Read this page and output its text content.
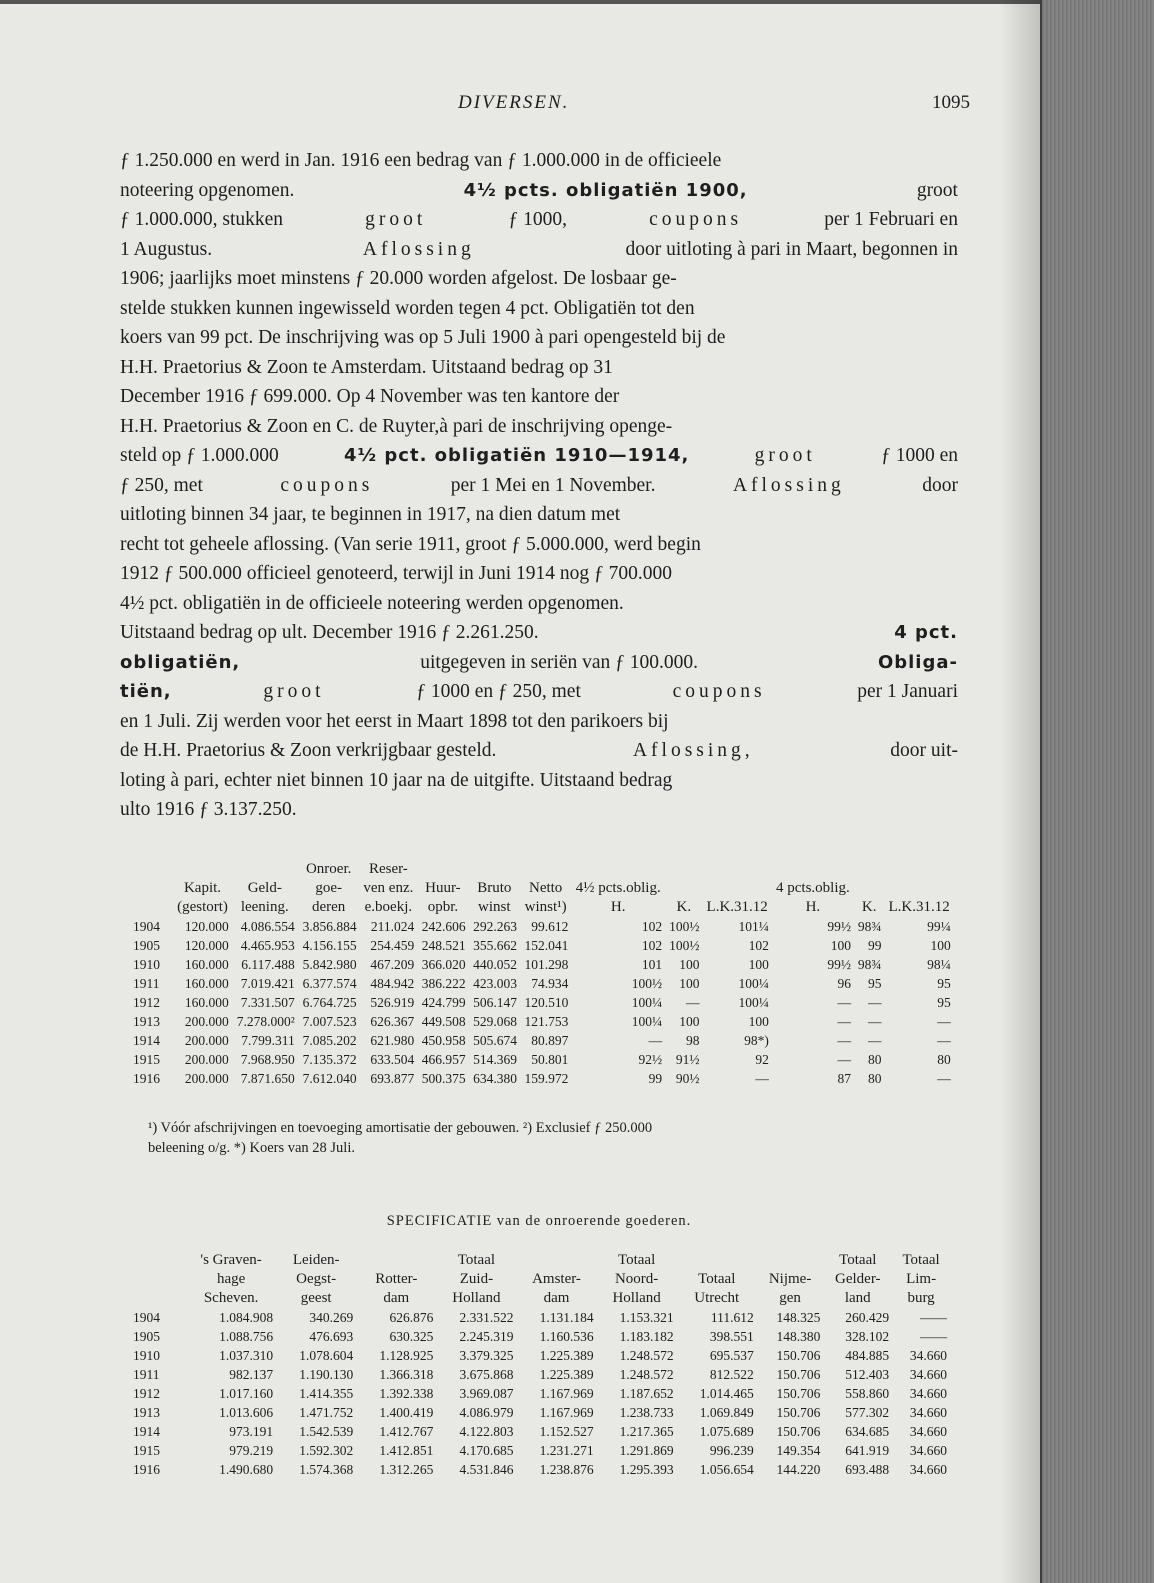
DIVERSEN.	1095
ƒ 1.250.000 en werd in Jan. 1916 een bedrag van ƒ 1.000.000 in de officieele
noteering opgenomen.	4½ pcts. obligatiën 1900,	groot
ƒ 1.000.000, stukken	groot	ƒ 1000,	coupons	per 1 Februari en
1 Augustus.	Aflossing	door uitloting à pari in Maart, begonnen in
1906; jaarlijks moet minstens ƒ 20.000 worden afgelost. De losbaar ge-
stelde stukken kunnen ingewisseld worden tegen 4 pct. Obligatiën tot den
koers van 99 pct. De inschrijving was op 5 Juli 1900 à pari opengesteld bij de
H.H. Praetorius & Zoon te Amsterdam. Uitstaand bedrag op 31
December 1916 ƒ 699.000. Op 4 November was ten kantore der
H.H. Praetorius & Zoon en C. de Ruyter,à pari de inschrijving openge-
steld op ƒ 1.000.000	4½ pct. obligatiën 1910—1914,	groot	ƒ 1000 en
ƒ 250, met	coupons	per 1 Mei en 1 November.	Aflossing	door
uitloting binnen 34 jaar, te beginnen in 1917, na dien datum met
recht tot geheele aflossing. (Van serie 1911, groot ƒ 5.000.000, werd begin
1912 ƒ 500.000 officieel genoteerd, terwijl in Juni 1914 nog ƒ 700.000
4½ pct. obligatiën in de officieele noteering werden opgenomen.
Uitstaand bedrag op ult. December 1916 ƒ 2.261.250.	4 pct.
obligatiën,	uitgegeven in seriën van ƒ 100.000.	Obliga-
tiën,	groot	ƒ 1000 en ƒ 250, met	coupons	per 1 Januari
en 1 Juli. Zij werden voor het eerst in Maart 1898 tot den parikoers bij
de H.H. Praetorius & Zoon verkrijgbaar gesteld.	Aflossing,	door uit-
loting à pari, echter niet binnen 10 jaar na de uitgifte. Uitstaand bedrag
ulto 1916 ƒ 3.137.250.
			Onroer.	Reser-										
	Kapit.	Geld-	goe-	ven enz.	Huur-	Bruto	Netto	4½ pcts.oblig.			4 pcts.oblig.			
	(gestort)	leening.	deren	e.boekj.	opbr.	winst	winst¹)	H.	K.	L.K.31.12	H.	K.	L.K.31.12	
1904	120.000	4.086.554	3.856.884	211.024	242.606	292.263	99.612	102	100½	101¼	99½	98¾	99¼	
1905	120.000	4.465.953	4.156.155	254.459	248.521	355.662	152.041	102	100½	102	100	99	100	
1910	160.000	6.117.488	5.842.980	467.209	366.020	440.052	101.298	101	100	100	99½	98¾	98¼	
1911	160.000	7.019.421	6.377.574	484.942	386.222	423.003	74.934	100½	100	100¼	96	95	95	
1912	160.000	7.331.507	6.764.725	526.919	424.799	506.147	120.510	100¼	—	100¼	—	—	95	
1913	200.000	7.278.000²	7.007.523	626.367	449.508	529.068	121.753	100¼	100	100	—	—	—	
1914	200.000	7.799.311	7.085.202	621.980	450.958	505.674	80.897	—	98	98*)	—	—	—	
1915	200.000	7.968.950	7.135.372	633.504	466.957	514.369	50.801	92½	91½	92	—	80	80	
1916	200.000	7.871.650	7.612.040	693.877	500.375	634.380	159.972	99	90½	—	87	80	—	
¹) Vóór afschrijvingen en toevoeging amortisatie der gebouwen. ²) Exclusief ƒ 250.000
beleening o/g. *) Koers van 28 Juli.
SPECIFICATIE van de onroerende goederen.
	's Graven-	Leiden-		Totaal		Totaal			Totaal	Totaal
	hage	Oegst-	Rotter-	Zuid-	Amster-	Noord-	Totaal	Nijme-	Gelder-	Lim-
	Scheven.	geest	dam	Holland	dam	Holland	Utrecht	gen	land	burg
1904	1.084.908	340.269	626.876	2.331.522	1.131.184	1.153.321	111.612	148.325	260.429	——
1905	1.088.756	476.693	630.325	2.245.319	1.160.536	1.183.182	398.551	148.380	328.102	——
1910	1.037.310	1.078.604	1.128.925	3.379.325	1.225.389	1.248.572	695.537	150.706	484.885	34.660
1911	982.137	1.190.130	1.366.318	3.675.868	1.225.389	1.248.572	812.522	150.706	512.403	34.660
1912	1.017.160	1.414.355	1.392.338	3.969.087	1.167.969	1.187.652	1.014.465	150.706	558.860	34.660
1913	1.013.606	1.471.752	1.400.419	4.086.979	1.167.969	1.238.733	1.069.849	150.706	577.302	34.660
1914	973.191	1.542.539	1.412.767	4.122.803	1.152.527	1.217.365	1.075.689	150.706	634.685	34.660
1915	979.219	1.592.302	1.412.851	4.170.685	1.231.271	1.291.869	996.239	149.354	641.919	34.660
1916	1.490.680	1.574.368	1.312.265	4.531.846	1.238.876	1.295.393	1.056.654	144.220	693.488	34.660
